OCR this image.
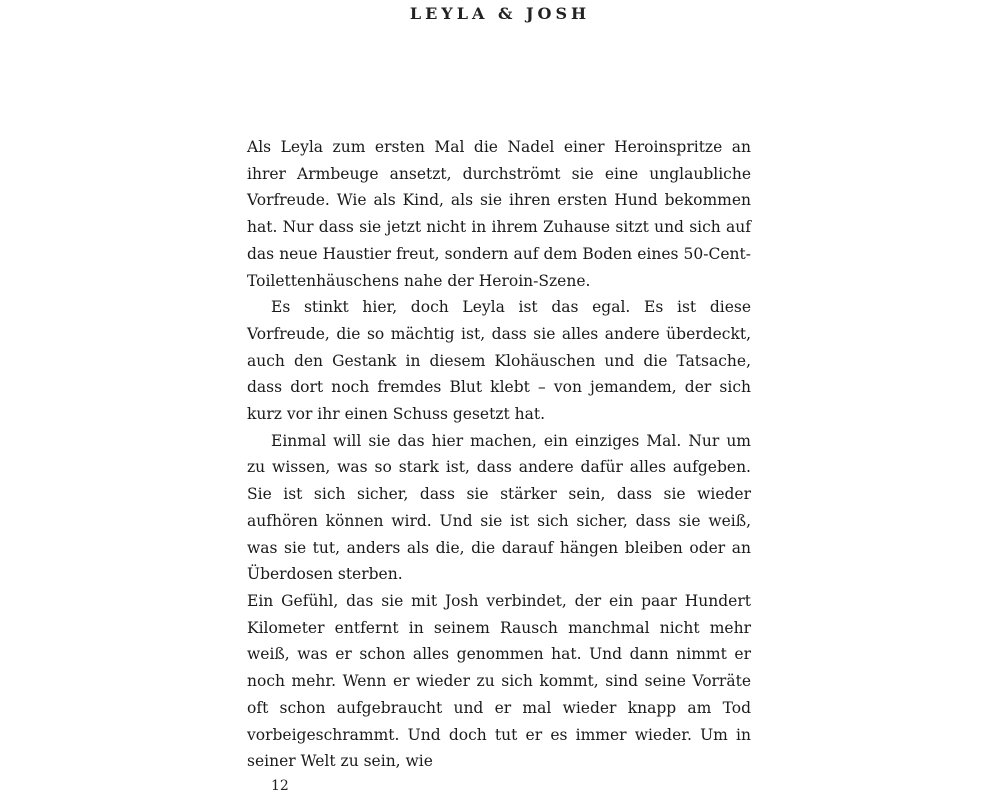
LEYLA & JOSH

Als Leyla zum ersten Mal die Nadel einer Heroinspritze an ihrer Armbeuge ansetzt, durchströmt sie eine unglaubliche Vorfreude. Wie als Kind, als sie ihren ersten Hund bekommen hat. Nur dass sie jetzt nicht in ihrem Zuhause sitzt und sich auf das neue Haustier freut, sondern auf dem Boden eines 50-Cent-Toilettenhäuschens nahe der Heroin-Szene.

Es stinkt hier, doch Leyla ist das egal. Es ist diese Vorfreude, die so mächtig ist, dass sie alles andere überdeckt, auch den Gestank in diesem Klohäuschen und die Tatsache, dass dort noch fremdes Blut klebt – von jemandem, der sich kurz vor ihr einen Schuss gesetzt hat.

Einmal will sie das hier machen, ein einziges Mal. Nur um zu wissen, was so stark ist, dass andere dafür alles aufgeben. Sie ist sich sicher, dass sie stärker sein, dass sie wieder aufhören können wird. Und sie ist sich sicher, dass sie weiß, was sie tut, anders als die, die darauf hängen bleiben oder an Überdosen sterben.

Ein Gefühl, das sie mit Josh verbindet, der ein paar Hundert Kilometer entfernt in seinem Rausch manchmal nicht mehr weiß, was er schon alles genommen hat. Und dann nimmt er noch mehr. Wenn er wieder zu sich kommt, sind seine Vorräte oft schon aufgebraucht und er mal wieder knapp am Tod vorbeigeschrammt. Und doch tut er es immer wieder. Um in seiner Welt zu sein, wie

12
